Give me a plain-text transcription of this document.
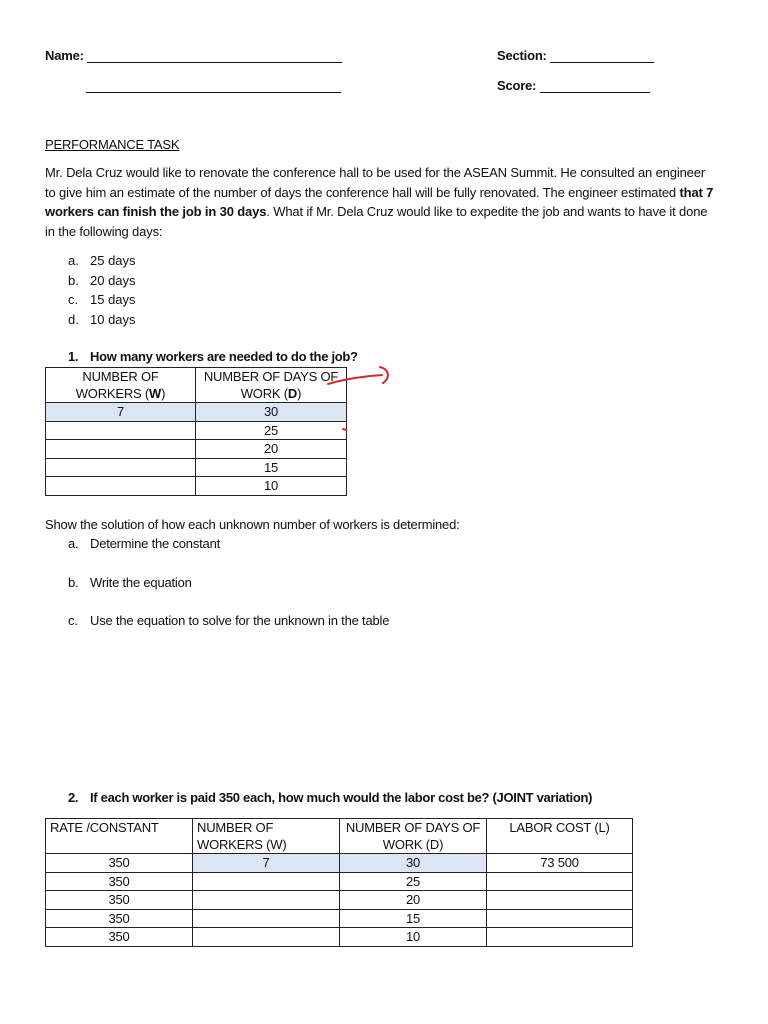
Name:	Section:
Score:
PERFORMANCE TASK
Mr. Dela Cruz would like to renovate the conference hall to be used for the ASEAN Summit. He consulted an engineer to give him an estimate of the number of days the conference hall will be fully renovated. The engineer estimated that 7 workers can finish the job in 30 days. What if Mr. Dela Cruz would like to expedite the job and wants to have it done in the following days:
a. 25 days
b. 20 days
c. 15 days
d. 10 days
1. How many workers are needed to do the job?
NUMBER OF WORKERS (W)	NUMBER OF DAYS OF WORK (D)
7	30
	25
	20
	15
	10
Show the solution of how each unknown number of workers is determined:
a. Determine the constant
b. Write the equation
c. Use the equation to solve for the unknown in the table
2. If each worker is paid 350 each, how much would the labor cost be? (JOINT variation)
RATE /CONSTANT	NUMBER OF WORKERS (W)	NUMBER OF DAYS OF WORK (D)	LABOR COST (L)
350	7	30	73 500
350		25	
350		20	
350		15	
350		10	
